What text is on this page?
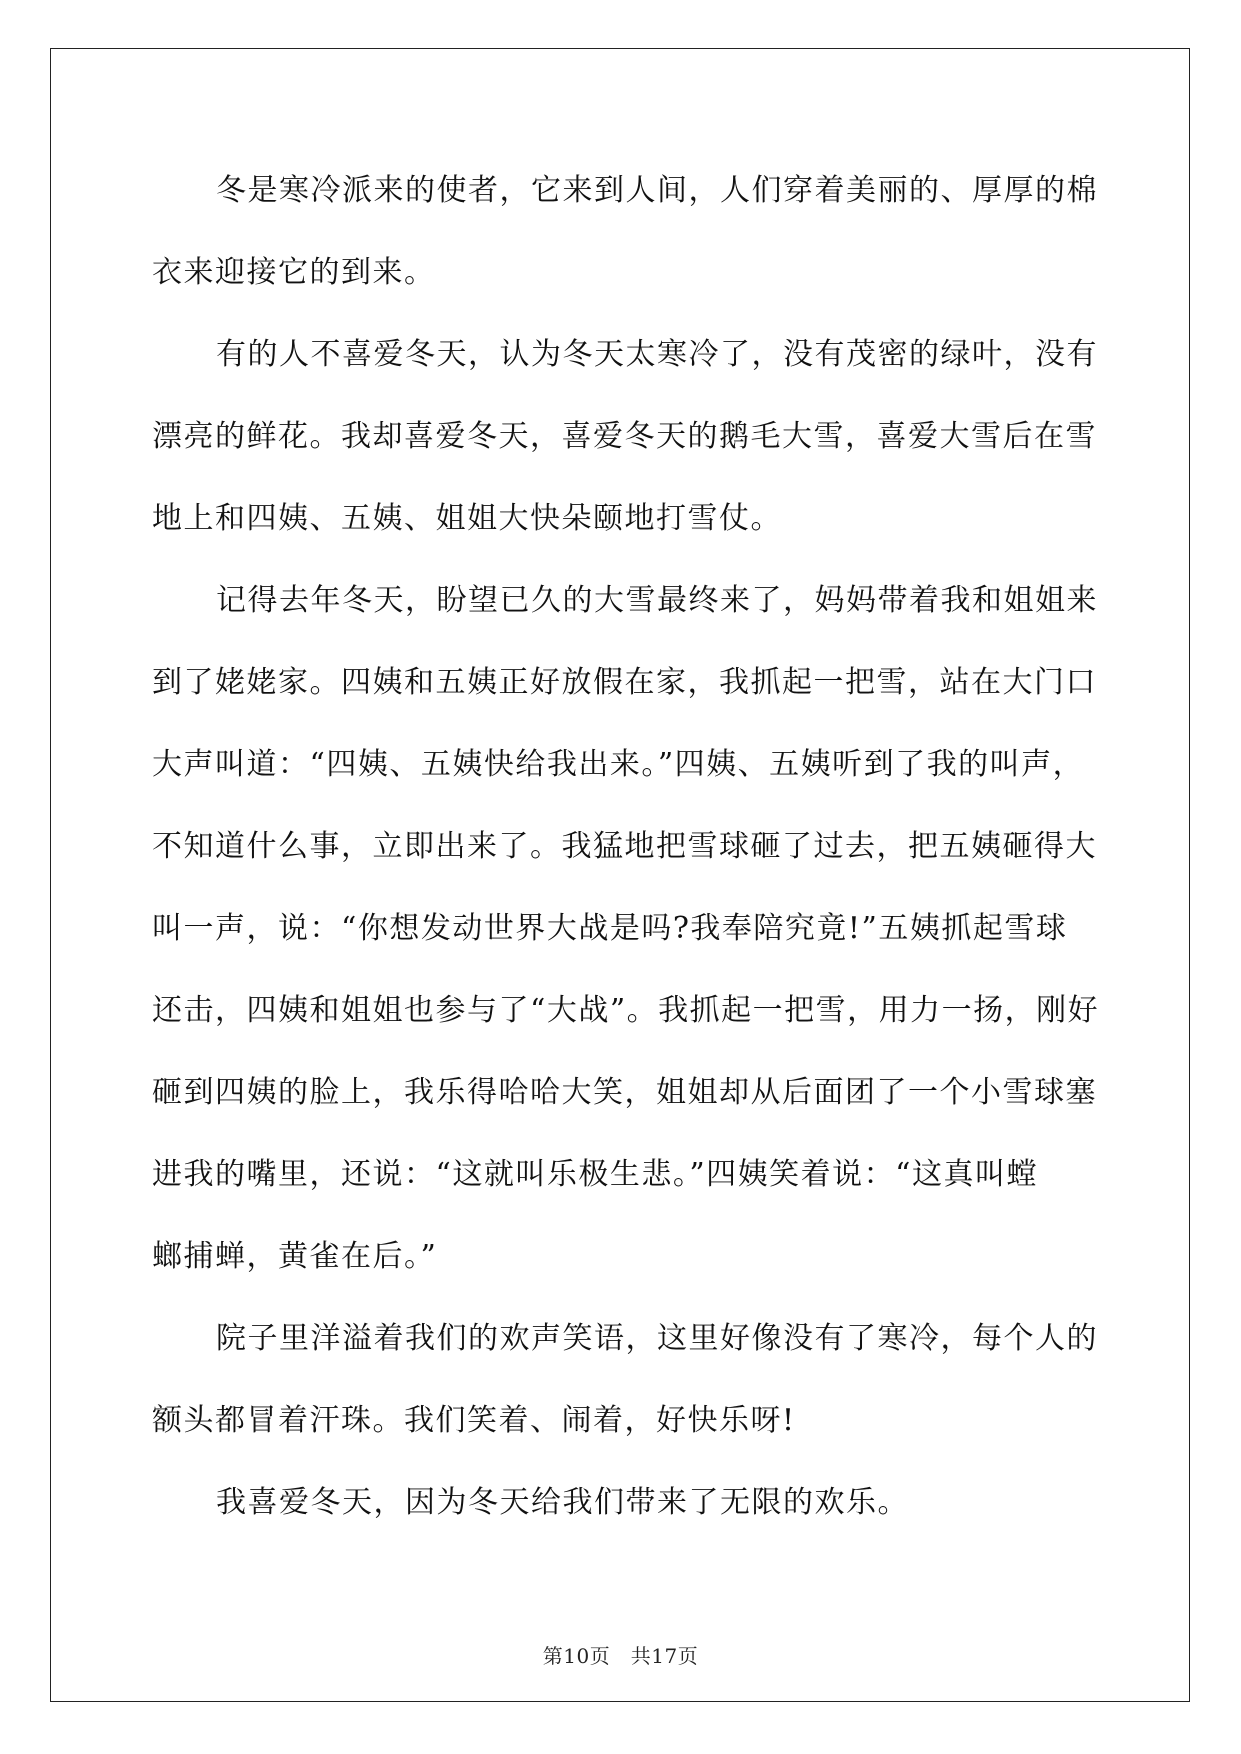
冬是寒冷派来的使者，它来到人间，人们穿着美丽的、厚厚的棉
衣来迎接它的到来。
有的人不喜爱冬天，认为冬天太寒冷了，没有茂密的绿叶，没有
漂亮的鲜花。我却喜爱冬天，喜爱冬天的鹅毛大雪，喜爱大雪后在雪
地上和四姨、五姨、姐姐大快朵颐地打雪仗。
记得去年冬天，盼望已久的大雪最终来了，妈妈带着我和姐姐来
到了姥姥家。四姨和五姨正好放假在家，我抓起一把雪，站在大门口
大声叫道：“四姨、五姨快给我出来。”四姨、五姨听到了我的叫声，
不知道什么事，立即出来了。我猛地把雪球砸了过去，把五姨砸得大
叫一声，说：“你想发动世界大战是吗?我奉陪究竟!”五姨抓起雪球
还击，四姨和姐姐也参与了“大战”。我抓起一把雪，用力一扬，刚好
砸到四姨的脸上，我乐得哈哈大笑，姐姐却从后面团了一个小雪球塞
进我的嘴里，还说：“这就叫乐极生悲。”四姨笑着说：“这真叫螳
螂捕蝉，黄雀在后。”
院子里洋溢着我们的欢声笑语，这里好像没有了寒冷，每个人的
额头都冒着汗珠。我们笑着、闹着，好快乐呀!
我喜爱冬天，因为冬天给我们带来了无限的欢乐。
第10页　共17页
